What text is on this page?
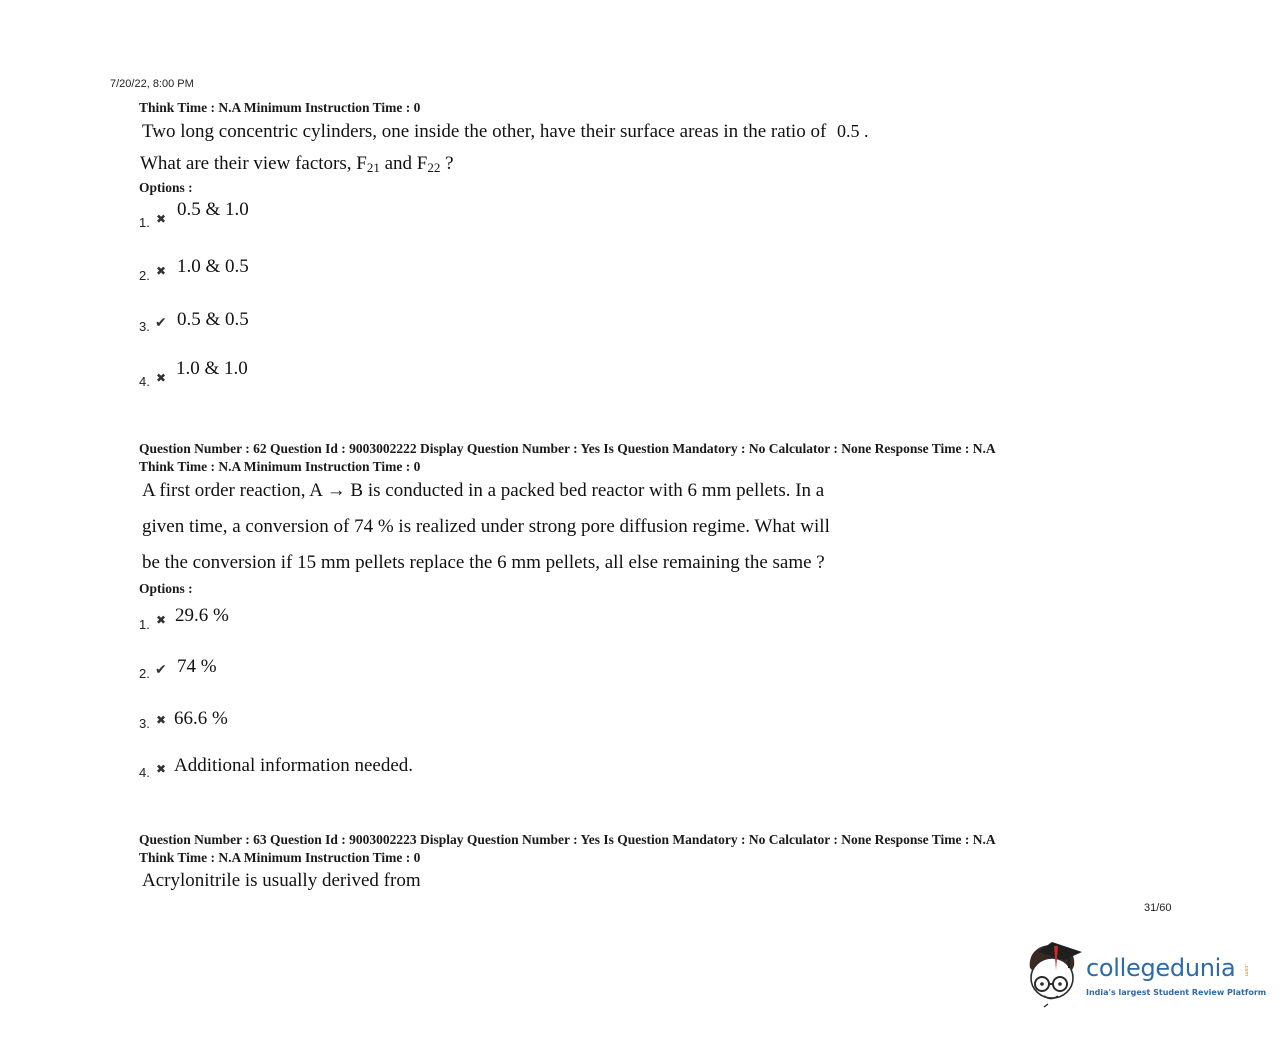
7/20/22, 8:00 PM
Think Time : N.A Minimum Instruction Time : 0
Two long concentric cylinders, one inside the other, have their surface areas in the ratio of 0.5 .
What are their view factors, $F_{21}$ and $F_{22}$ ?
Options :
1. ✖ 0.5 & 1.0
2. ✖ 1.0 & 0.5
3. ✔ 0.5 & 0.5
4. ✖ 1.0 & 1.0
Question Number : 62 Question Id : 9003002222 Display Question Number : Yes Is Question Mandatory : No Calculator : None Response Time : N.A
Think Time : N.A Minimum Instruction Time : 0
A first order reaction, A → B is conducted in a packed bed reactor with 6 mm pellets. In a
given time, a conversion of 74 % is realized under strong pore diffusion regime. What will
be the conversion if 15 mm pellets replace the 6 mm pellets, all else remaining the same ?
Options :
1. ✖ 29.6 %
2. ✔ 74 %
3. ✖ 66.6 %
4. ✖ Additional information needed.
Question Number : 63 Question Id : 9003002223 Display Question Number : Yes Is Question Mandatory : No Calculator : None Response Time : N.A
Think Time : N.A Minimum Instruction Time : 0
Acrylonitrile is usually derived from
31/60
collegedunia .com
India's largest Student Review Platform
